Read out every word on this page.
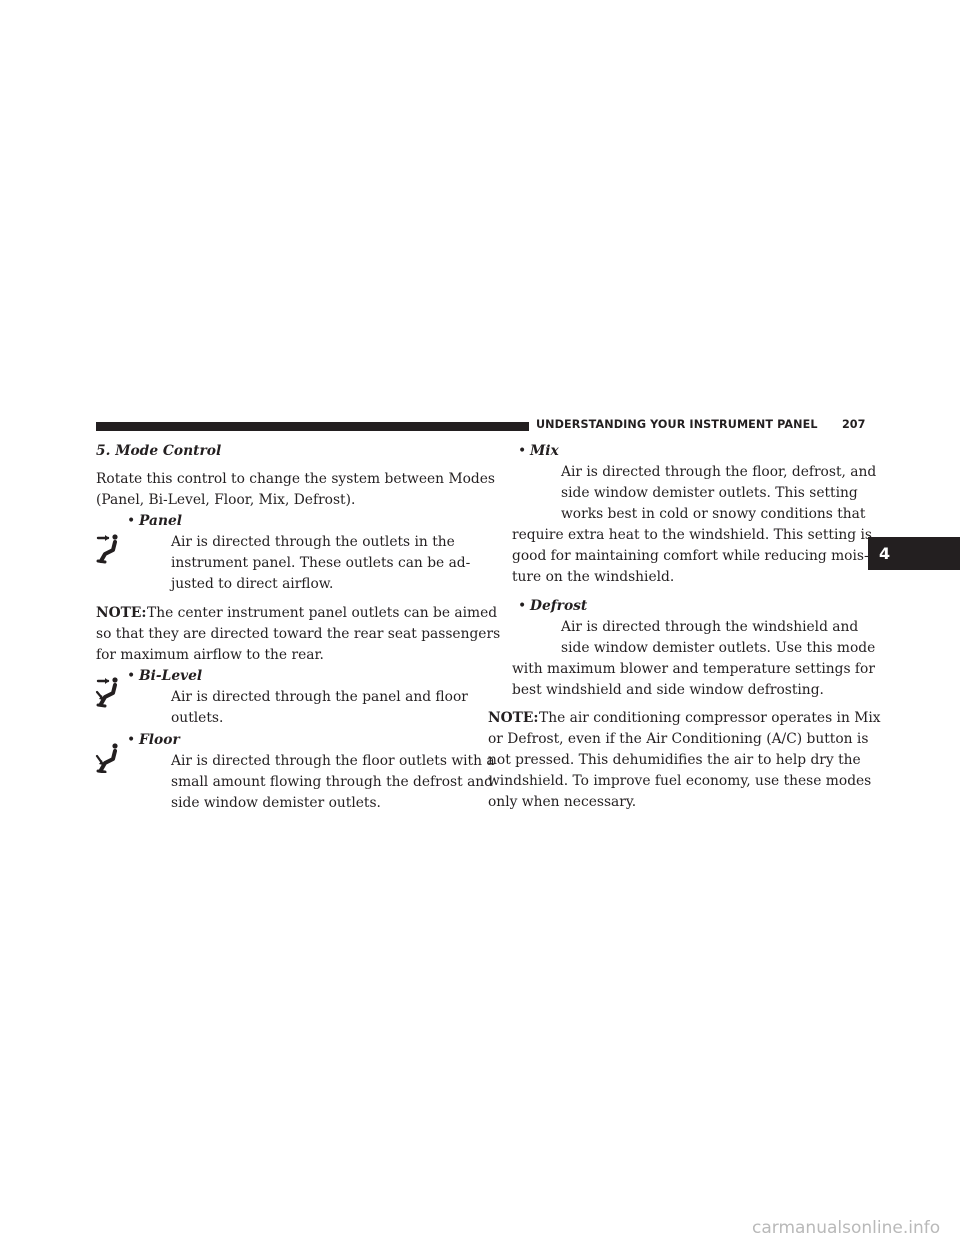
UNDERSTANDING YOUR INSTRUMENT PANEL 207
4
5. Mode Control
Rotate this control to change the system between Modes
(Panel, Bi-Level, Floor, Mix, Defrost).
• Panel
Air is directed through the outlets in the
instrument panel. These outlets can be ad-
justed to direct airflow.
NOTE: The center instrument panel outlets can be aimed
so that they are directed toward the rear seat passengers
for maximum airflow to the rear.
• Bi-Level
Air is directed through the panel and floor
outlets.
• Floor
Air is directed through the floor outlets with a
small amount flowing through the defrost and
side window demister outlets.
• Mix
Air is directed through the floor, defrost, and
side window demister outlets. This setting
works best in cold or snowy conditions that
require extra heat to the windshield. This setting is
good for maintaining comfort while reducing mois-
ture on the windshield.
• Defrost
Air is directed through the windshield and
side window demister outlets. Use this mode
with maximum blower and temperature settings for
best windshield and side window defrosting.
NOTE: The air conditioning compressor operates in Mix
or Defrost, even if the Air Conditioning (A/C) button is
not pressed. This dehumidifies the air to help dry the
windshield. To improve fuel economy, use these modes
only when necessary.
carmanualsonline.info
